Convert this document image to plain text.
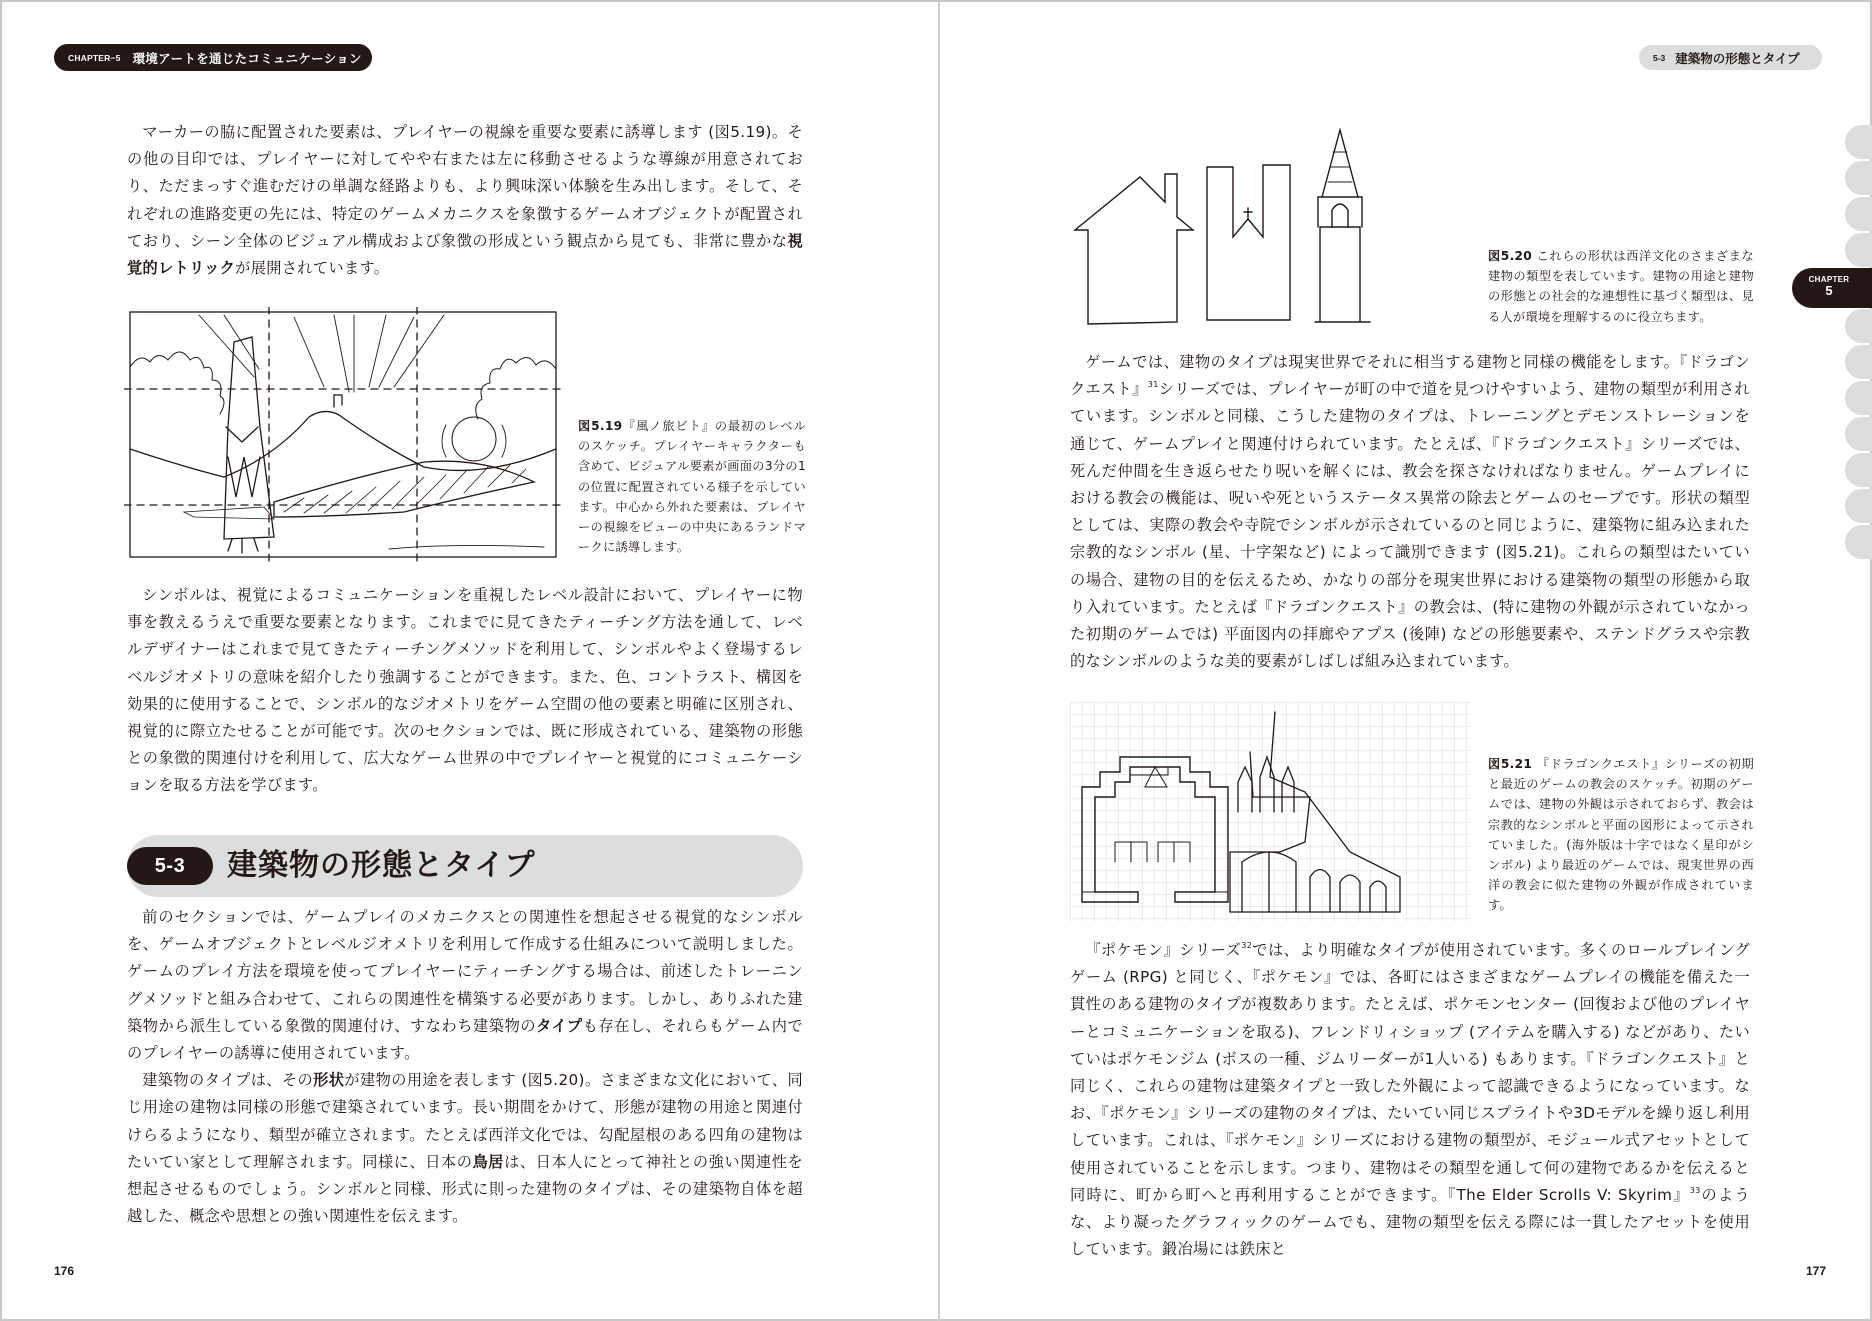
CHAPTER−5 環境アートを通じたコミュニケーション

マーカーの脇に配置された要素は、プレイヤーの視線を重要な要素に誘導します (図5.19)。その他の目印では、プレイヤーに対してやや右または左に移動させるような導線が用意されており、ただまっすぐ進むだけの単調な経路よりも、より興味深い体験を生み出します。そして、それぞれの進路変更の先には、特定のゲームメカニクスを象徴するゲームオブジェクトが配置されており、シーン全体のビジュアル構成および象徴の形成という観点から見ても、非常に豊かな視覚的レトリックが展開されています。

図5.19『風ノ旅ビト』の最初のレベルのスケッチ。プレイヤーキャラクターも含めて、ビジュアル要素が画面の3分の1の位置に配置されている様子を示しています。中心から外れた要素は、プレイヤーの視線をビューの中央にあるランドマークに誘導します。

シンボルは、視覚によるコミュニケーションを重視したレベル設計において、プレイヤーに物事を教えるうえで重要な要素となります。これまでに見てきたティーチング方法を通して、レベルデザイナーはこれまで見てきたティーチングメソッドを利用して、シンボルやよく登場するレベルジオメトリの意味を紹介したり強調することができます。また、色、コントラスト、構図を効果的に使用することで、シンボル的なジオメトリをゲーム空間の他の要素と明確に区別され、視覚的に際立たせることが可能です。次のセクションでは、既に形成されている、建築物の形態との象徴的関連付けを利用して、広大なゲーム世界の中でプレイヤーと視覚的にコミュニケーションを取る方法を学びます。

5-3	建築物の形態とタイプ

前のセクションでは、ゲームプレイのメカニクスとの関連性を想起させる視覚的なシンボルを、ゲームオブジェクトとレベルジオメトリを利用して作成する仕組みについて説明しました。ゲームのプレイ方法を環境を使ってプレイヤーにティーチングする場合は、前述したトレーニングメソッドと組み合わせて、これらの関連性を構築する必要があります。しかし、ありふれた建築物から派生している象徴的関連付け、すなわち建築物のタイプも存在し、それらもゲーム内でのプレイヤーの誘導に使用されています。

建築物のタイプは、その形状が建物の用途を表します (図5.20)。さまざまな文化において、同じ用途の建物は同様の形態で建築されています。長い期間をかけて、形態が建物の用途と関連付けらるようになり、類型が確立されます。たとえば西洋文化では、勾配屋根のある四角の建物はたいてい家として理解されます。同様に、日本の鳥居は、日本人にとって神社との強い関連性を想起させるものでしょう。シンボルと同様、形式に則った建物のタイプは、その建築物自体を超越した、概念や思想との強い関連性を伝えます。

176
5-3 建築物の形態とタイプ
CHAPTER
5
図5.20 これらの形状は西洋文化のさまざまな建物の類型を表しています。建物の用途と建物の形態との社会的な連想性に基づく類型は、見る人が環境を理解するのに役立ちます。

ゲームでは、建物のタイプは現実世界でそれに相当する建物と同様の機能をします。『ドラゴンクエスト』$^{31}$シリーズでは、プレイヤーが町の中で道を見つけやすいよう、建物の類型が利用されています。シンボルと同様、こうした建物のタイプは、トレーニングとデモンストレーションを通じて、ゲームプレイと関連付けられています。たとえば、『ドラゴンクエスト』シリーズでは、死んだ仲間を生き返らせたり呪いを解くには、教会を探さなければなりません。ゲームプレイにおける教会の機能は、呪いや死というステータス異常の除去とゲームのセーブです。形状の類型としては、実際の教会や寺院でシンボルが示されているのと同じように、建築物に組み込まれた宗教的なシンボル (星、十字架など) によって識別できます (図5.21)。これらの類型はたいていの場合、建物の目的を伝えるため、かなりの部分を現実世界における建築物の類型の形態から取り入れています。たとえば『ドラゴンクエスト』の教会は、(特に建物の外観が示されていなかった初期のゲームでは) 平面図内の拝廊やアプス (後陣) などの形態要素や、ステンドグラスや宗教的なシンボルのような美的要素がしばしば組み込まれています。

図5.21 『ドラゴンクエスト』シリーズの初期と最近のゲームの教会のスケッチ。初期のゲームでは、建物の外観は示されておらず、教会は宗教的なシンボルと平面の図形によって示されていました。(海外版は十字ではなく星印がシンボル) より最近のゲームでは、現実世界の西洋の教会に似た建物の外観が作成されています。

『ポケモン』シリーズ$^{32}$では、より明確なタイプが使用されています。多くのロールプレイングゲーム (RPG) と同じく、『ポケモン』では、各町にはさまざまなゲームプレイの機能を備えた一貫性のある建物のタイプが複数あります。たとえば、ポケモンセンター (回復および他のプレイヤーとコミュニケーションを取る)、フレンドリィショップ (アイテムを購入する) などがあり、たいていはポケモンジム (ボスの一種、ジムリーダーが1人いる) もあります。『ドラゴンクエスト』と同じく、これらの建物は建築タイプと一致した外観によって認識できるようになっています。なお、『ポケモン』シリーズの建物のタイプは、たいてい同じスプライトや3Dモデルを繰り返し利用しています。これは、『ポケモン』シリーズにおける建物の類型が、モジュール式アセットとして使用されていることを示します。つまり、建物はその類型を通して何の建物であるかを伝えると同時に、町から町へと再利用することができます。『The Elder Scrolls V: Skyrim』$^{33}$のような、より凝ったグラフィックのゲームでも、建物の類型を伝える際には一貫したアセットを使用しています。鍛冶場には鉄床と

177
